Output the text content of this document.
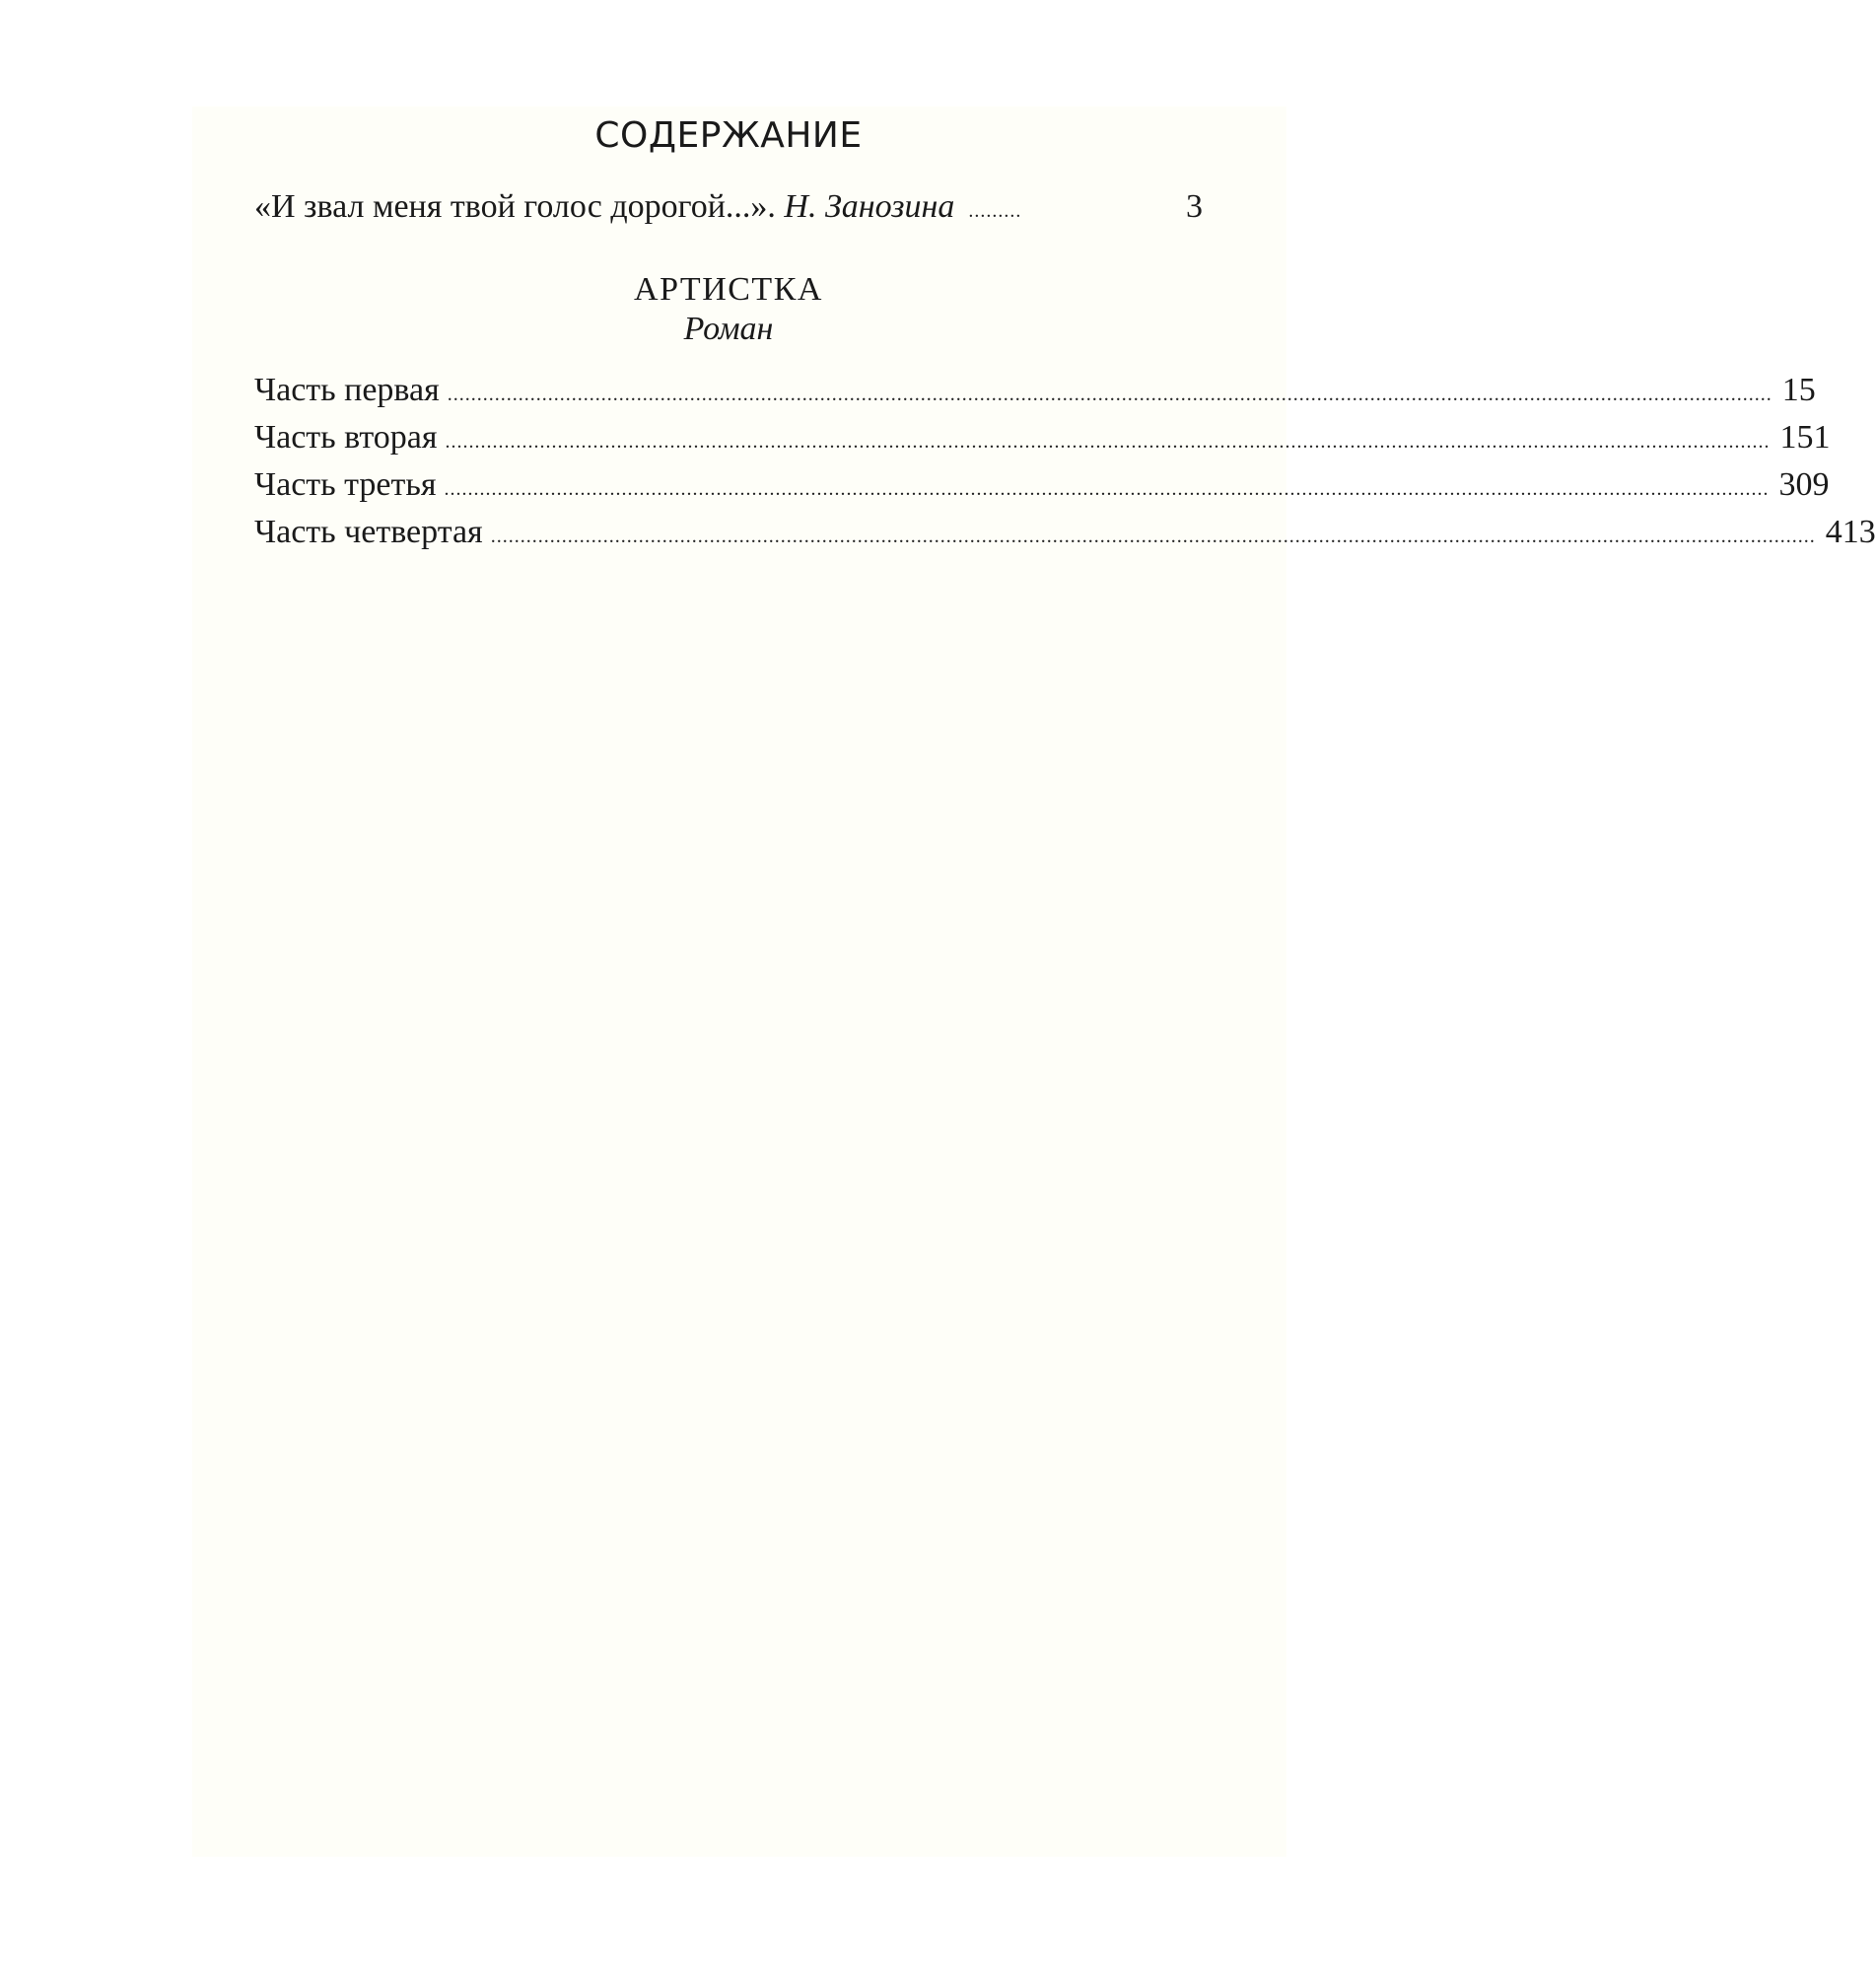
СОДЕРЖАНИЕ
«И звал меня твой голос дорогой...». Н. Занозина .........	3
АРТИСТКА
Роман
Часть первая ................................................................................................................................................................................................................................ 15
Часть вторая ................................................................................................................................................................................................................................ 151
Часть третья ................................................................................................................................................................................................................................ 309
Часть четвертая ................................................................................................................................................................................................................................ 413
